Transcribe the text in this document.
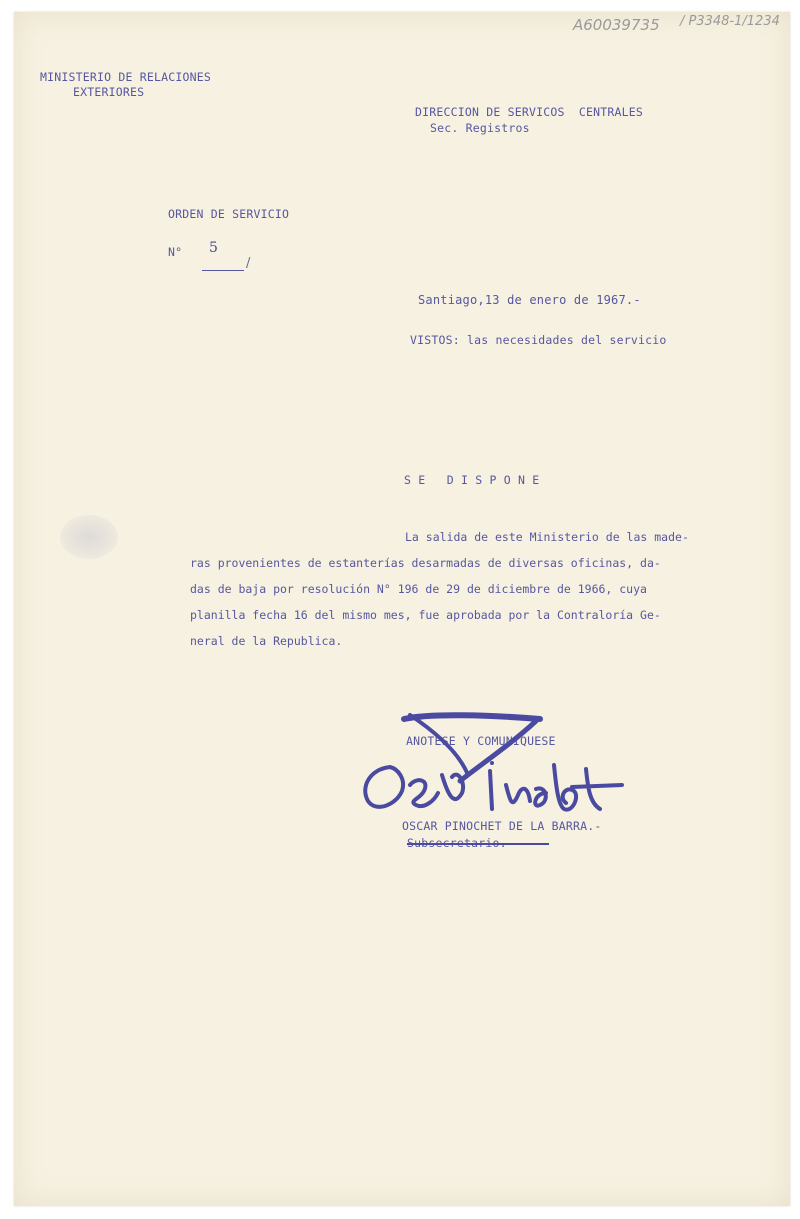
A60039735 / P3348-1/1234
MINISTERIO DE RELACIONES
EXTERIORES
DIRECCION DE SERVICOS  CENTRALES
Sec. Registros
ORDEN DE SERVICIO
N° 5
/
Santiago,13 de enero de 1967.-
VISTOS: las necesidades del servicio
S E   D I S P O N E
La salida de este Ministerio de las made-
ras provenientes de estanterías desarmadas de diversas oficinas, da-
das de baja por resolución N° 196 de 29 de diciembre de 1966, cuya
planilla fecha 16 del mismo mes, fue aprobada por la Contraloría Ge-
neral de la Republica.
ANOTESE Y COMUNIQUESE
OSCAR PINOCHET DE LA BARRA.-
